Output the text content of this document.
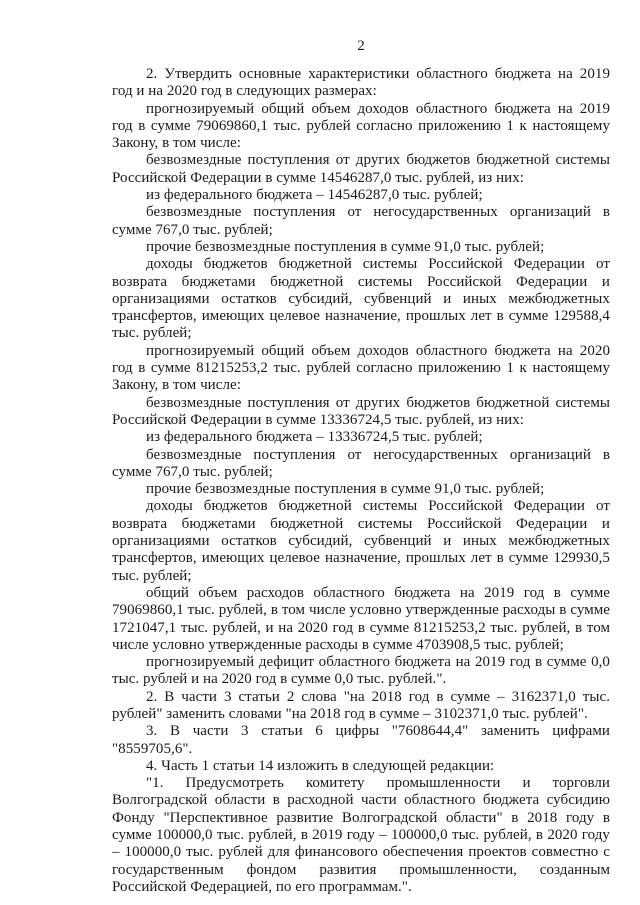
2

2. Утвердить основные характеристики областного бюджета на 2019 год и на 2020 год в следующих размерах:

прогнозируемый общий объем доходов областного бюджета на 2019 год в сумме 79069860,1 тыс. рублей согласно приложению 1 к настоящему Закону, в том числе:

безвозмездные поступления от других бюджетов бюджетной системы Российской Федерации в сумме 14546287,0 тыс. рублей, из них:

из федерального бюджета – 14546287,0 тыс. рублей;

безвозмездные поступления от негосударственных организаций в сумме 767,0 тыс. рублей;

прочие безвозмездные поступления в сумме 91,0 тыс. рублей;

доходы бюджетов бюджетной системы Российской Федерации от возврата бюджетами бюджетной системы Российской Федерации и организациями остатков субсидий, субвенций и иных межбюджетных трансфертов, имеющих целевое назначение, прошлых лет в сумме 129588,4 тыс. рублей;

прогнозируемый общий объем доходов областного бюджета на 2020 год в сумме 81215253,2 тыс. рублей согласно приложению 1 к настоящему Закону, в том числе:

безвозмездные поступления от других бюджетов бюджетной системы Российской Федерации в сумме 13336724,5 тыс. рублей, из них:

из федерального бюджета – 13336724,5 тыс. рублей;

безвозмездные поступления от негосударственных организаций в сумме 767,0 тыс. рублей;

прочие безвозмездные поступления в сумме 91,0 тыс. рублей;

доходы бюджетов бюджетной системы Российской Федерации от возврата бюджетами бюджетной системы Российской Федерации и организациями остатков субсидий, субвенций и иных межбюджетных трансфертов, имеющих целевое назначение, прошлых лет в сумме 129930,5 тыс. рублей;

общий объем расходов областного бюджета на 2019 год в сумме 79069860,1 тыс. рублей, в том числе условно утвержденные расходы в сумме 1721047,1 тыс. рублей, и на 2020 год в сумме 81215253,2 тыс. рублей, в том числе условно утвержденные расходы в сумме 4703908,5 тыс. рублей;

прогнозируемый дефицит областного бюджета на 2019 год в сумме 0,0 тыс. рублей и на 2020 год в сумме 0,0 тыс. рублей.".

2. В части 3 статьи 2 слова "на 2018 год в сумме – 3162371,0 тыс. рублей" заменить словами "на 2018 год в сумме – 3102371,0 тыс. рублей".

3. В части 3 статьи 6 цифры "7608644,4" заменить цифрами "8559705,6".

4. Часть 1 статьи 14 изложить в следующей редакции:

"1. Предусмотреть комитету промышленности и торговли Волгоградской области в расходной части областного бюджета субсидию Фонду "Перспективное развитие Волгоградской области" в 2018 году в сумме 100000,0 тыс. рублей, в 2019 году – 100000,0 тыс. рублей, в 2020 году – 100000,0 тыс. рублей для финансового обеспечения проектов совместно с государственным фондом развития промышленности, созданным Российской Федерацией, по его программам.".
